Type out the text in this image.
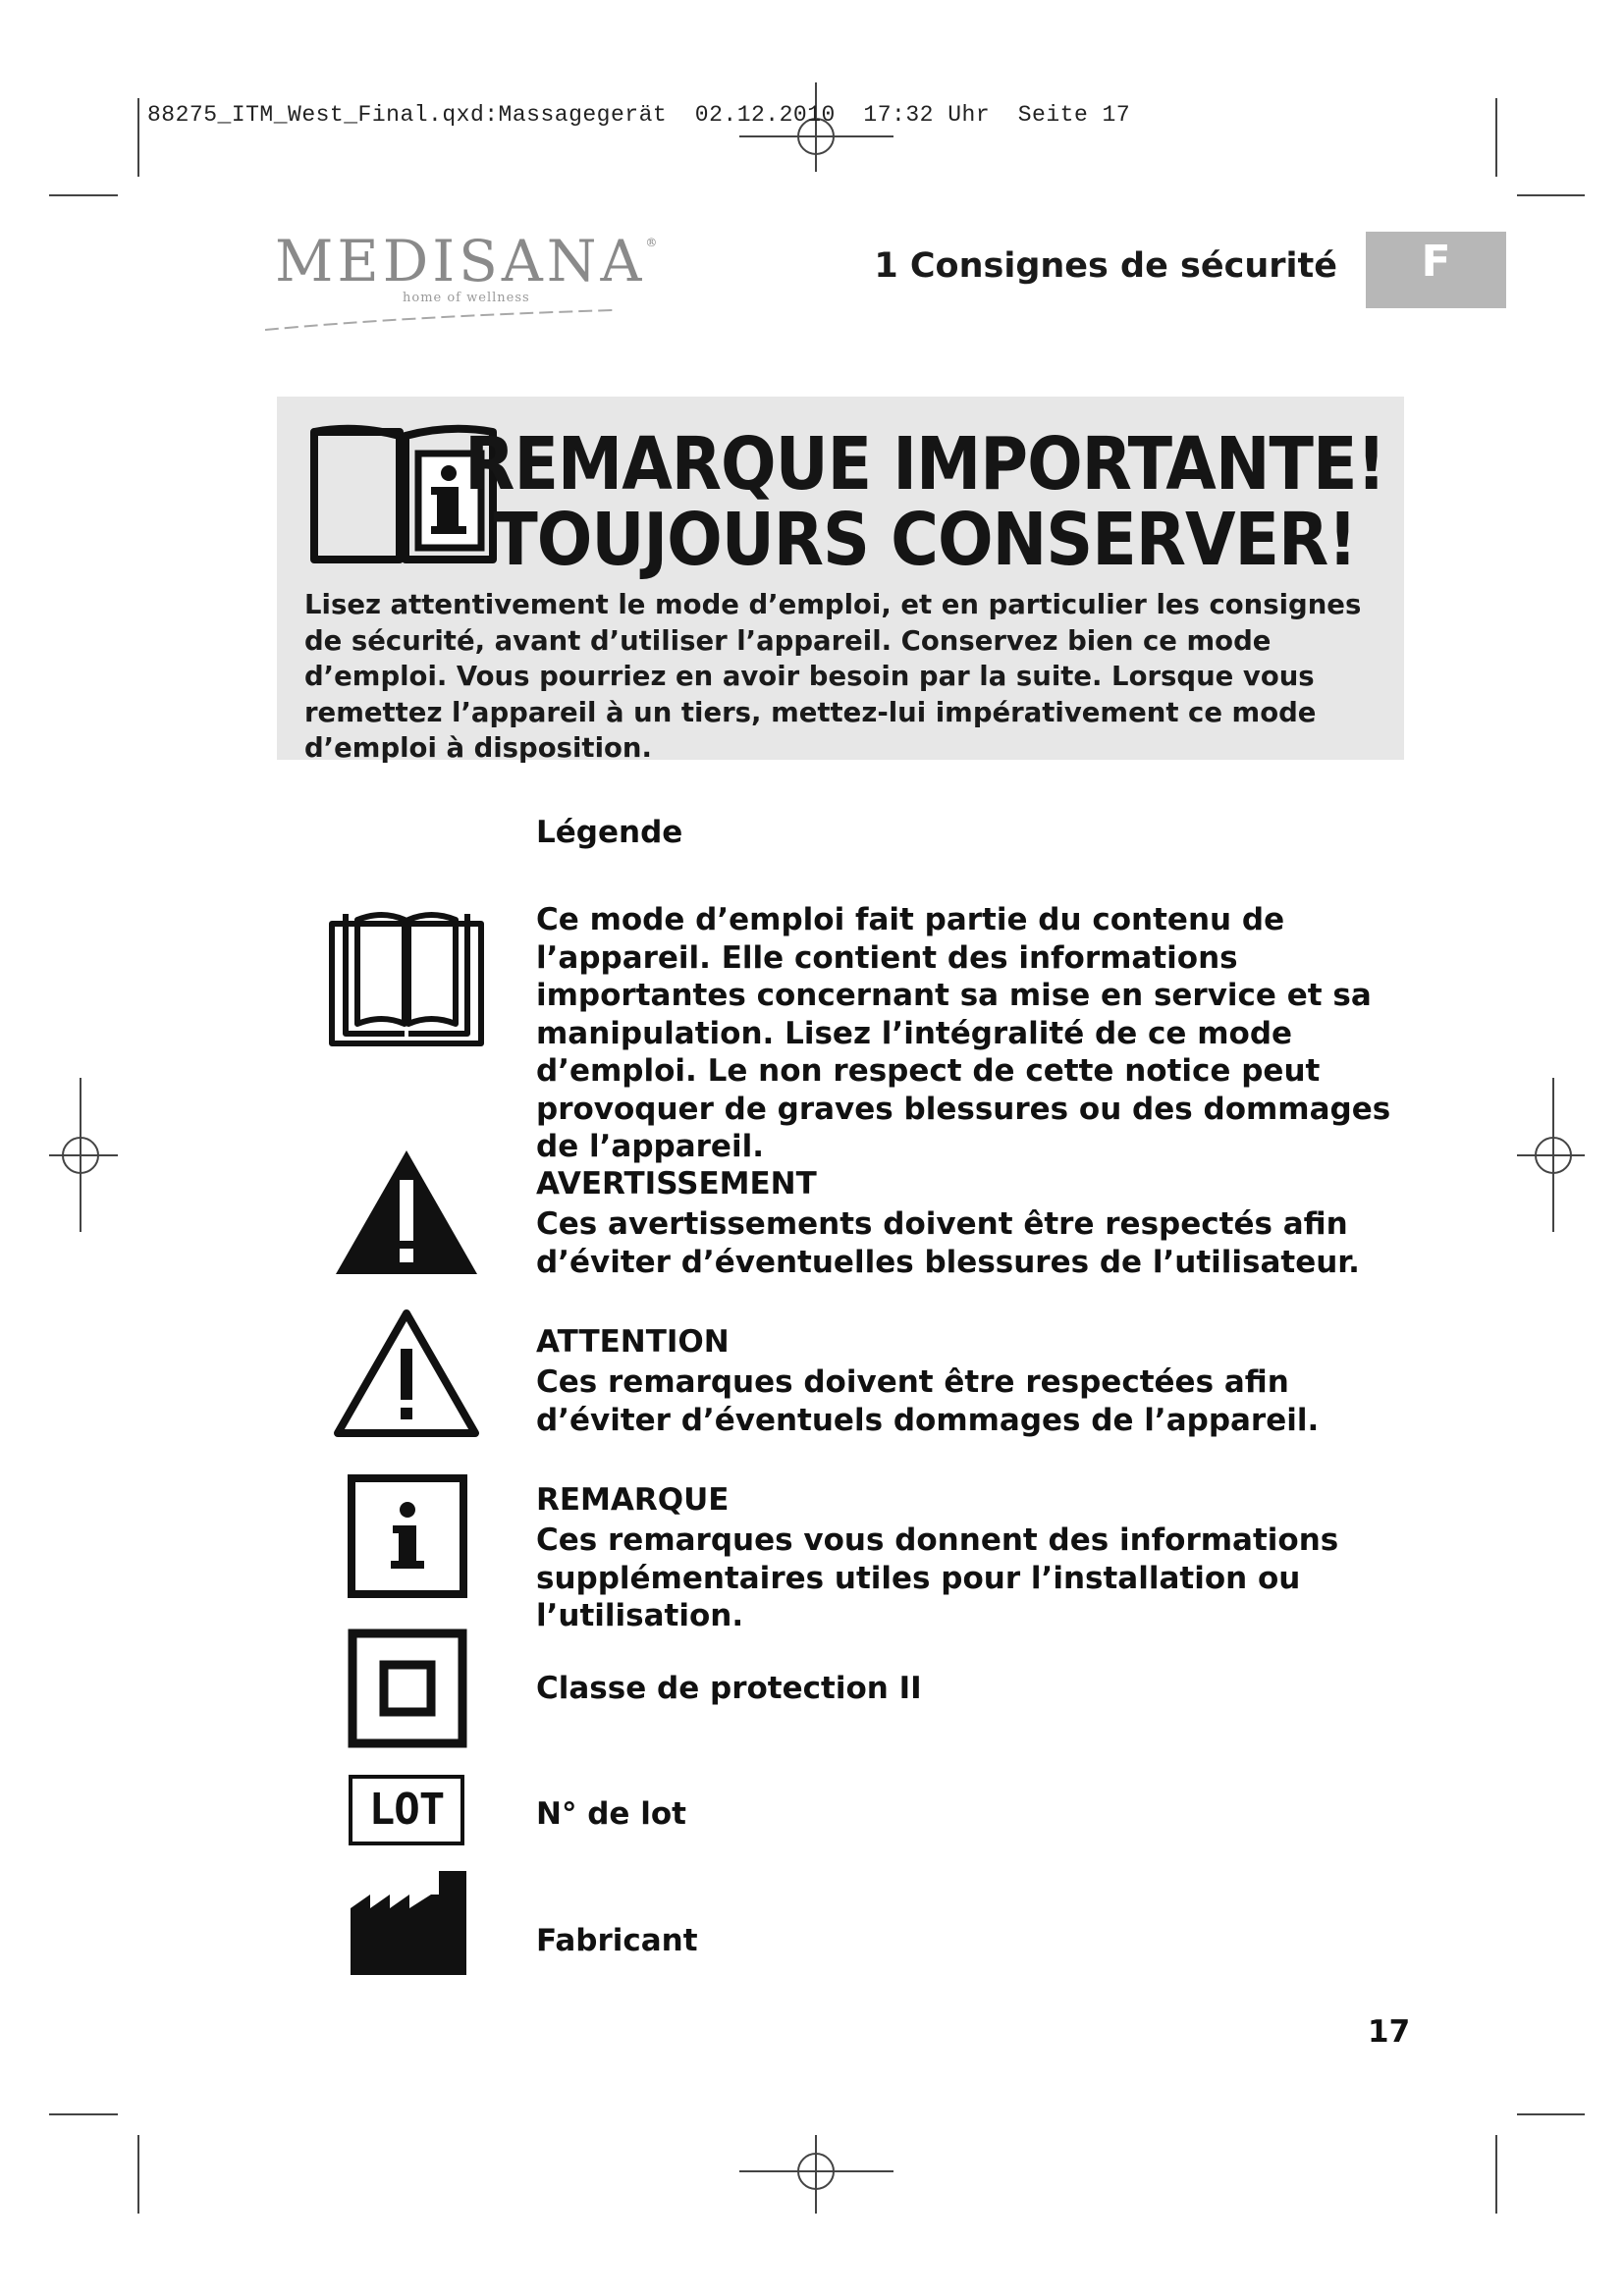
88275_ITM_West_Final.qxd:Massagegerät  02.12.2010  17:32 Uhr  Seite 17
MEDISANA®
home of wellness
1 Consignes de sécurité	F
REMARQUE IMPORTANTE!
TOUJOURS CONSERVER!
Lisez attentivement le mode d’emploi, et en particulier les consignes de sécurité, avant d’utiliser l’appareil. Conservez bien ce mode d’emploi. Vous pourriez en avoir besoin par la suite. Lorsque vous remettez l’appareil à un tiers, mettez-lui impérativement ce mode d’emploi à disposition.
Légende
Ce mode d’emploi fait partie du contenu de l’appareil. Elle contient des informations importantes concernant sa mise en service et sa manipulation. Lisez l’intégralité de ce mode d’emploi. Le non respect de cette notice peut provoquer de graves blessures ou des dommages de l’appareil.
AVERTISSEMENT
Ces avertissements doivent être respectés afin d’éviter d’éventuelles blessures de l’utilisateur.
ATTENTION
Ces remarques doivent être respectées afin d’éviter d’éventuels dommages de l’appareil.
REMARQUE
Ces remarques vous donnent des informations supplémentaires utiles pour l’installation ou l’utilisation.
Classe de protection II
LOT	N° de lot
Fabricant
17
